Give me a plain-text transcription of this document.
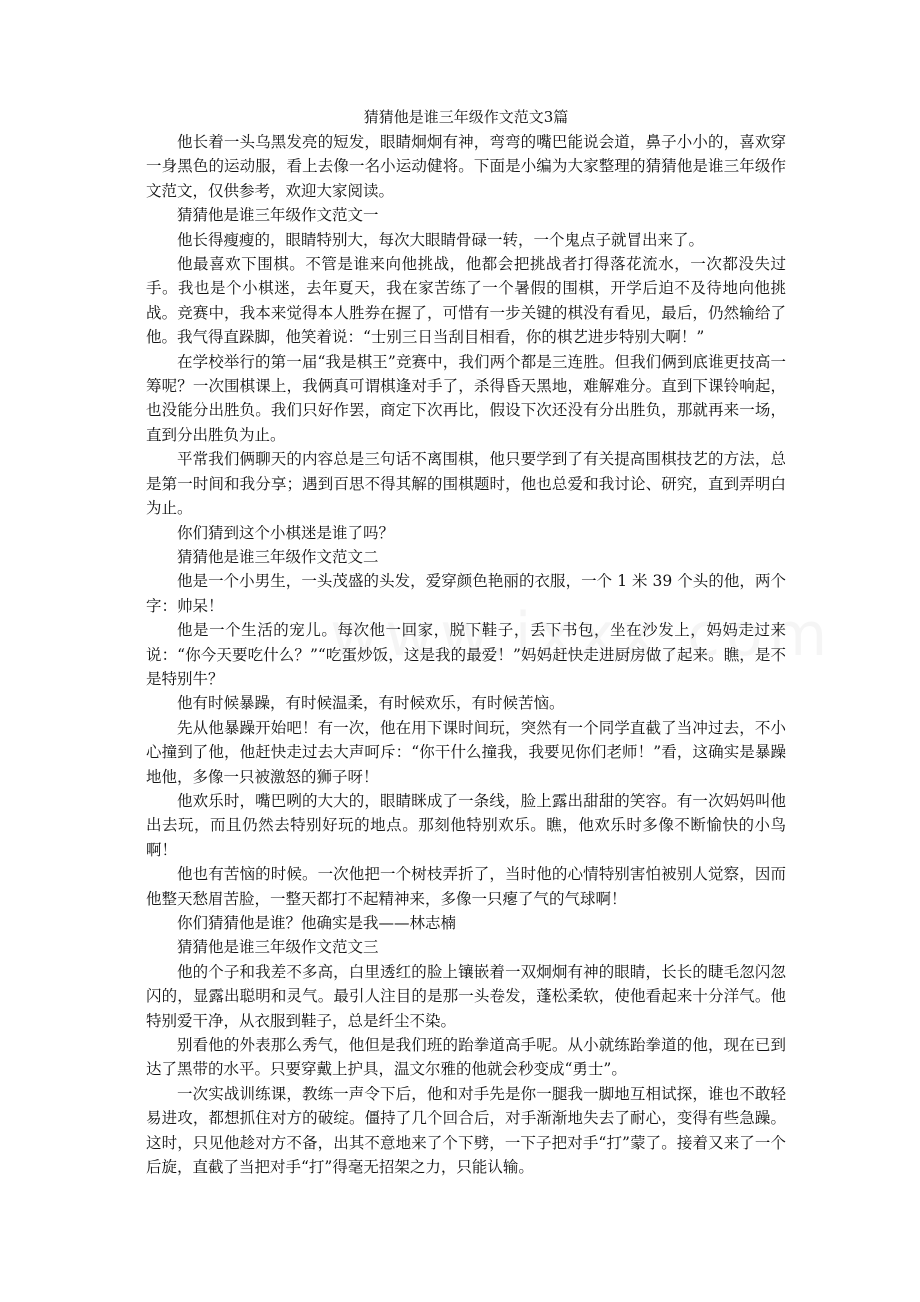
猜猜他是谁三年级作文范文3篇

他长着一头乌黑发亮的短发，眼睛炯炯有神，弯弯的嘴巴能说会道，鼻子小小的，喜欢穿一身黑色的运动服，看上去像一名小运动健将。下面是小编为大家整理的猜猜他是谁三年级作文范文，仅供参考，欢迎大家阅读。

猜猜他是谁三年级作文范文一

他长得瘦瘦的，眼睛特别大，每次大眼睛骨碌一转，一个鬼点子就冒出来了。

他最喜欢下围棋。不管是谁来向他挑战，他都会把挑战者打得落花流水，一次都没失过手。我也是个小棋迷，去年夏天，我在家苦练了一个暑假的围棋，开学后迫不及待地向他挑战。竞赛中，我本来觉得本人胜券在握了，可惜有一步关键的棋没有看见，最后，仍然输给了他。我气得直跺脚，他笑着说：“士别三日当刮目相看，你的棋艺进步特别大啊！”

在学校举行的第一届“我是棋王”竞赛中，我们两个都是三连胜。但我们俩到底谁更技高一筹呢？一次围棋课上，我俩真可谓棋逢对手了，杀得昏天黑地，难解难分。直到下课铃响起，也没能分出胜负。我们只好作罢，商定下次再比，假设下次还没有分出胜负，那就再来一场，直到分出胜负为止。

平常我们俩聊天的内容总是三句话不离围棋，他只要学到了有关提高围棋技艺的方法，总是第一时间和我分享；遇到百思不得其解的围棋题时，他也总爱和我讨论、研究，直到弄明白为止。

你们猜到这个小棋迷是谁了吗？

猜猜他是谁三年级作文范文二

他是一个小男生，一头茂盛的头发，爱穿颜色艳丽的衣服，一个 1 米 39 个头的他，两个字：帅呆！

他是一个生活的宠儿。每次他一回家，脱下鞋子，丢下书包，坐在沙发上，妈妈走过来说：“你今天要吃什么？”“吃蛋炒饭，这是我的最爱！”妈妈赶快走进厨房做了起来。瞧，是不是特别牛？

他有时候暴躁，有时候温柔，有时候欢乐，有时候苦恼。

先从他暴躁开始吧！有一次，他在用下课时间玩，突然有一个同学直截了当冲过去，不小心撞到了他，他赶快走过去大声呵斥：“你干什么撞我，我要见你们老师！”看，这确实是暴躁地他，多像一只被激怒的狮子呀！

他欢乐时，嘴巴咧的大大的，眼睛眯成了一条线，脸上露出甜甜的笑容。有一次妈妈叫他出去玩，而且仍然去特别好玩的地点。那刻他特别欢乐。瞧，他欢乐时多像不断愉快的小鸟啊！

他也有苦恼的时候。一次他把一个树枝弄折了，当时他的心情特别害怕被别人觉察，因而他整天愁眉苦脸，一整天都打不起精神来，多像一只瘪了气的气球啊！

你们猜猜他是谁？他确实是我——林志楠

猜猜他是谁三年级作文范文三

他的个子和我差不多高，白里透红的脸上镶嵌着一双炯炯有神的眼睛，长长的睫毛忽闪忽闪的，显露出聪明和灵气。最引人注目的是那一头卷发，蓬松柔软，使他看起来十分洋气。他特别爱干净，从衣服到鞋子，总是纤尘不染。

别看他的外表那么秀气，他但是我们班的跆拳道高手呢。从小就练跆拳道的他，现在已到达了黑带的水平。只要穿戴上护具，温文尔雅的他就会秒变成“勇士”。

一次实战训练课，教练一声令下后，他和对手先是你一腿我一脚地互相试探，谁也不敢轻易进攻，都想抓住对方的破绽。僵持了几个回合后，对手渐渐地失去了耐心，变得有些急躁。这时，只见他趁对方不备，出其不意地来了个下劈，一下子把对手“打”蒙了。接着又来了一个后旋，直截了当把对手“打”得毫无招架之力，只能认输。
